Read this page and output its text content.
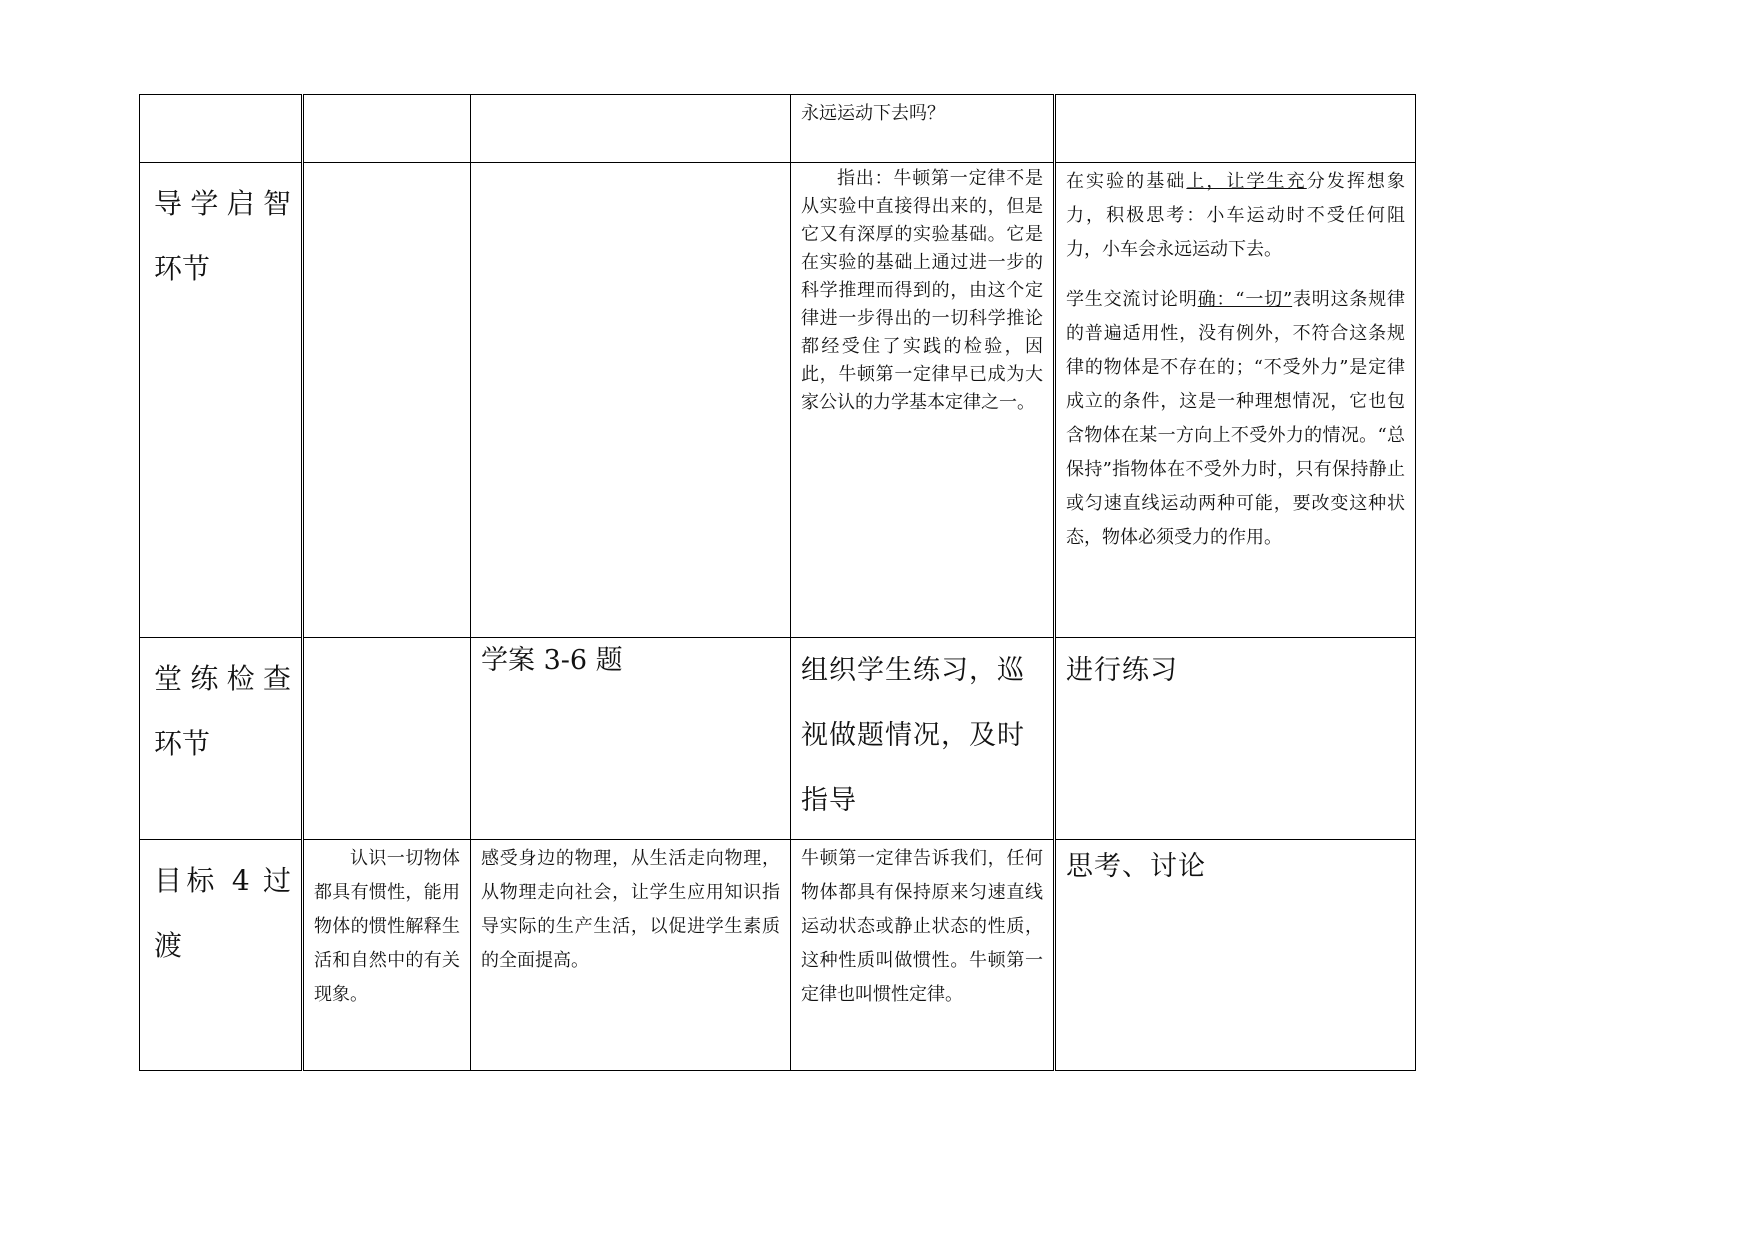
			永远运动下去吗？	

导学启智环节			指出：牛顿第一定律不是从实验中直接得出来的，但是它又有深厚的实验基础。它是在实验的基础上通过进一步的科学推理而得到的，由这个定律进一步得出的一切科学推论都经受住了实践的检验，因此，牛顿第一定律早已成为大家公认的力学基本定律之一。	在实验的基础上，让学生充分发挥想象力，积极思考：小车运动时不受任何阻力，小车会永远运动下去。
学生交流讨论明确：“一切”表明这条规律的普遍适用性，没有例外，不符合这条规律的物体是不存在的；“不受外力”是定律成立的条件，这是一种理想情况，它也包含物体在某一方向上不受外力的情况。“总保持”指物体在不受外力时，只有保持静止或匀速直线运动两种可能，要改变这种状态，物体必须受力的作用。

堂练检查环节		学案 3-6 题	组织学生练习，巡视做题情况，及时指导	进行练习

目标 4 过渡	认识一切物体都具有惯性，能用物体的惯性解释生活和自然中的有关现象。	感受身边的物理，从生活走向物理，从物理走向社会，让学生应用知识指导实际的生产生活，以促进学生素质的全面提高。	牛顿第一定律告诉我们，任何物体都具有保持原来匀速直线运动状态或静止状态的性质，这种性质叫做惯性。牛顿第一定律也叫惯性定律。	思考、讨论
